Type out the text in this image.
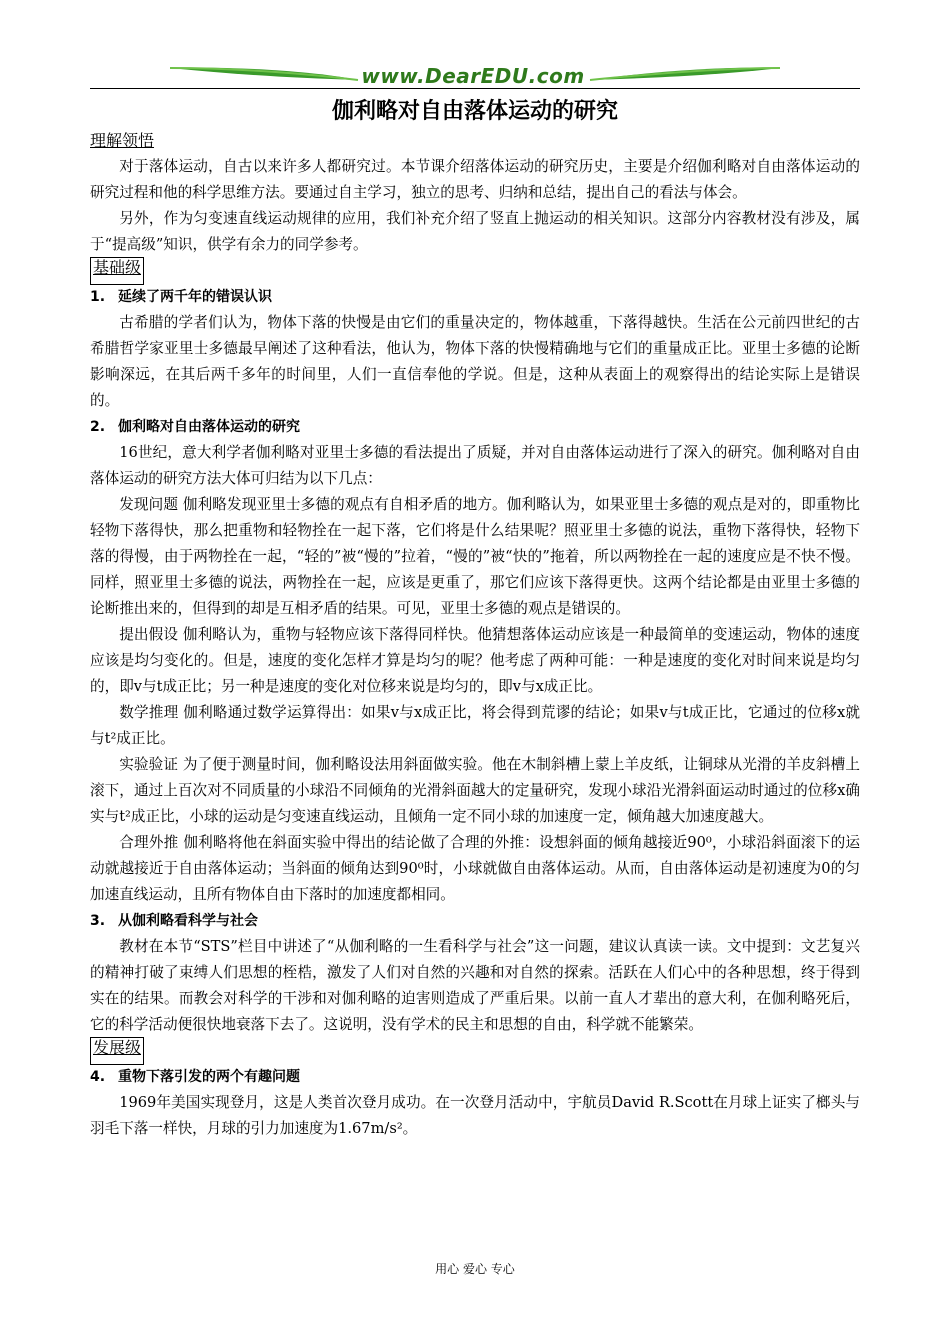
www.DearEDU.com
伽利略对自由落体运动的研究
理解领悟

对于落体运动，自古以来许多人都研究过。本节课介绍落体运动的研究历史，主要是介绍伽利略对自由落体运动的研究过程和他的科学思维方法。要通过自主学习，独立的思考、归纳和总结，提出自己的看法与体会。

另外，作为匀变速直线运动规律的应用，我们补充介绍了竖直上抛运动的相关知识。这部分内容教材没有涉及，属于“提高级”知识，供学有余力的同学参考。

基础级
1. 延续了两千年的错误认识

古希腊的学者们认为，物体下落的快慢是由它们的重量决定的，物体越重，下落得越快。生活在公元前四世纪的古希腊哲学家亚里士多德最早阐述了这种看法，他认为，物体下落的快慢精确地与它们的重量成正比。亚里士多德的论断影响深远，在其后两千多年的时间里，人们一直信奉他的学说。但是，这种从表面上的观察得出的结论实际上是错误的。

2. 伽利略对自由落体运动的研究

16世纪，意大利学者伽利略对亚里士多德的看法提出了质疑，并对自由落体运动进行了深入的研究。伽利略对自由落体运动的研究方法大体可归结为以下几点：

发现问题 伽利略发现亚里士多德的观点有自相矛盾的地方。伽利略认为，如果亚里士多德的观点是对的，即重物比轻物下落得快，那么把重物和轻物拴在一起下落，它们将是什么结果呢？照亚里士多德的说法，重物下落得快，轻物下落的得慢，由于两物拴在一起，“轻的”被“慢的”拉着，“慢的”被“快的”拖着，所以两物拴在一起的速度应是不快不慢。同样，照亚里士多德的说法，两物拴在一起，应该是更重了，那它们应该下落得更快。这两个结论都是由亚里士多德的论断推出来的，但得到的却是互相矛盾的结果。可见，亚里士多德的观点是错误的。

提出假设 伽利略认为，重物与轻物应该下落得同样快。他猜想落体运动应该是一种最简单的变速运动，物体的速度应该是均匀变化的。但是，速度的变化怎样才算是均匀的呢？他考虑了两种可能：一种是速度的变化对时间来说是均匀的，即v与t成正比；另一种是速度的变化对位移来说是均匀的，即v与x成正比。

数学推理 伽利略通过数学运算得出：如果v与x成正比，将会得到荒谬的结论；如果v与t成正比，它通过的位移x就与t²成正比。

实验验证 为了便于测量时间，伽利略设法用斜面做实验。他在木制斜槽上蒙上羊皮纸，让铜球从光滑的羊皮斜槽上滚下，通过上百次对不同质量的小球沿不同倾角的光滑斜面越大的定量研究，发现小球沿光滑斜面运动时通过的位移x确实与t²成正比，小球的运动是匀变速直线运动，且倾角一定不同小球的加速度一定，倾角越大加速度越大。

合理外推 伽利略将他在斜面实验中得出的结论做了合理的外推：设想斜面的倾角越接近90⁰，小球沿斜面滚下的运动就越接近于自由落体运动；当斜面的倾角达到90⁰时，小球就做自由落体运动。从而，自由落体运动是初速度为0的匀加速直线运动，且所有物体自由下落时的加速度都相同。

3. 从伽利略看科学与社会

教材在本节“STS”栏目中讲述了“从伽利略的一生看科学与社会”这一问题，建议认真读一读。文中提到：文艺复兴的精神打破了束缚人们思想的桎梏，激发了人们对自然的兴趣和对自然的探索。活跃在人们心中的各种思想，终于得到实在的结果。而教会对科学的干涉和对伽利略的迫害则造成了严重后果。以前一直人才辈出的意大利，在伽利略死后，它的科学活动便很快地衰落下去了。这说明，没有学术的民主和思想的自由，科学就不能繁荣。

发展级
4. 重物下落引发的两个有趣问题

1969年美国实现登月，这是人类首次登月成功。在一次登月活动中，宇航员David R.Scott在月球上证实了榔头与羽毛下落一样快，月球的引力加速度为1.67m/s²。

用心 爱心 专心
